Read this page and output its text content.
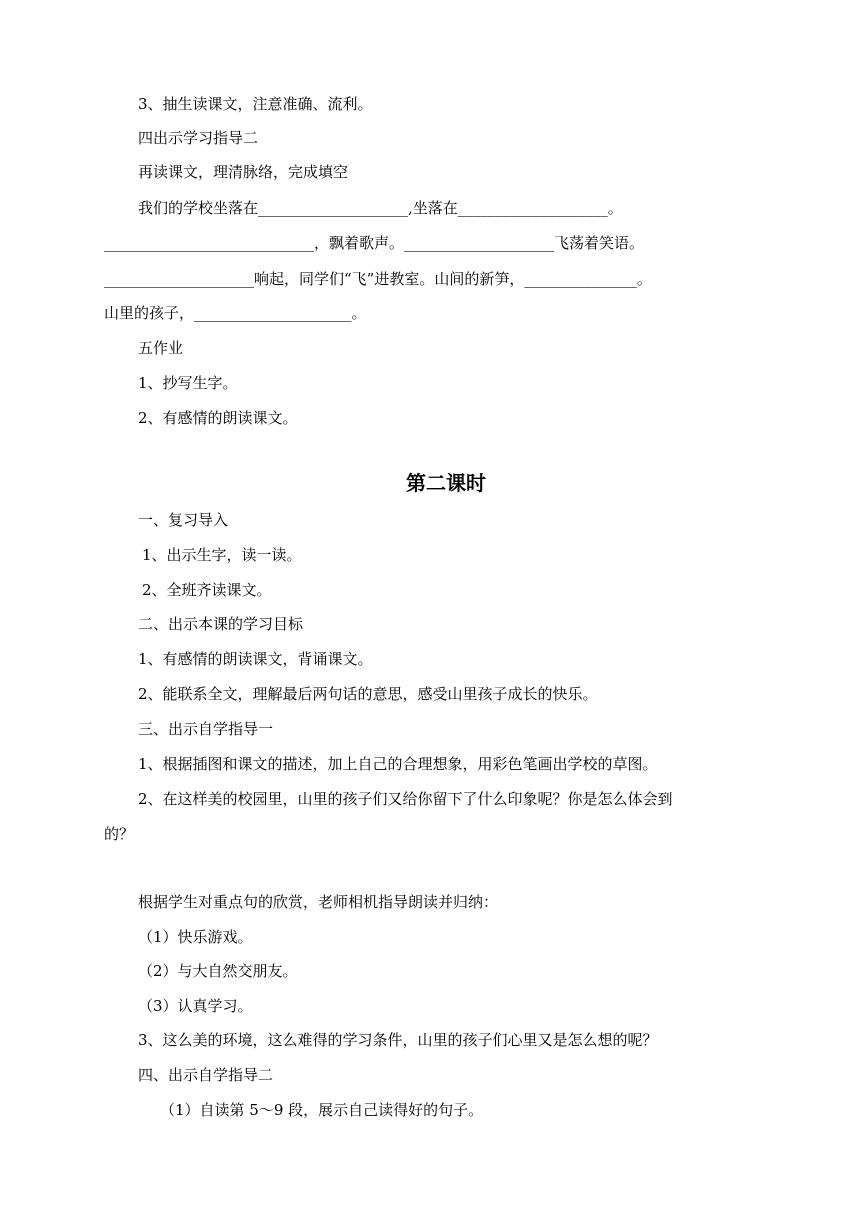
3、抽生读课文，注意准确、流利。
四出示学习指导二
再读课文，理清脉络，完成填空
我们的学校坐落在____________________,坐落在____________________。
____________________________，飘着歌声。____________________飞荡着笑语。
____________________响起，同学们“飞”进教室。山间的新笋，_______________。
山里的孩子，_____________________。
五作业
1、抄写生字。
2、有感情的朗读课文。
第二课时
一、复习导入
1、出示生字，读一读。
2、全班齐读课文。
二、出示本课的学习目标
1、有感情的朗读课文，背诵课文。
2、能联系全文，理解最后两句话的意思，感受山里孩子成长的快乐。
三、出示自学指导一
1、根据插图和课文的描述，加上自己的合理想象，用彩色笔画出学校的草图。
2、在这样美的校园里，山里的孩子们又给你留下了什么印象呢？你是怎么体会到
的？
根据学生对重点句的欣赏，老师相机指导朗读并归纳：
（1）快乐游戏。
（2）与大自然交朋友。
（3）认真学习。
3、这么美的环境，这么难得的学习条件，山里的孩子们心里又是怎么想的呢？
四、出示自学指导二
（1）自读第 5～9 段，展示自己读得好的句子。
